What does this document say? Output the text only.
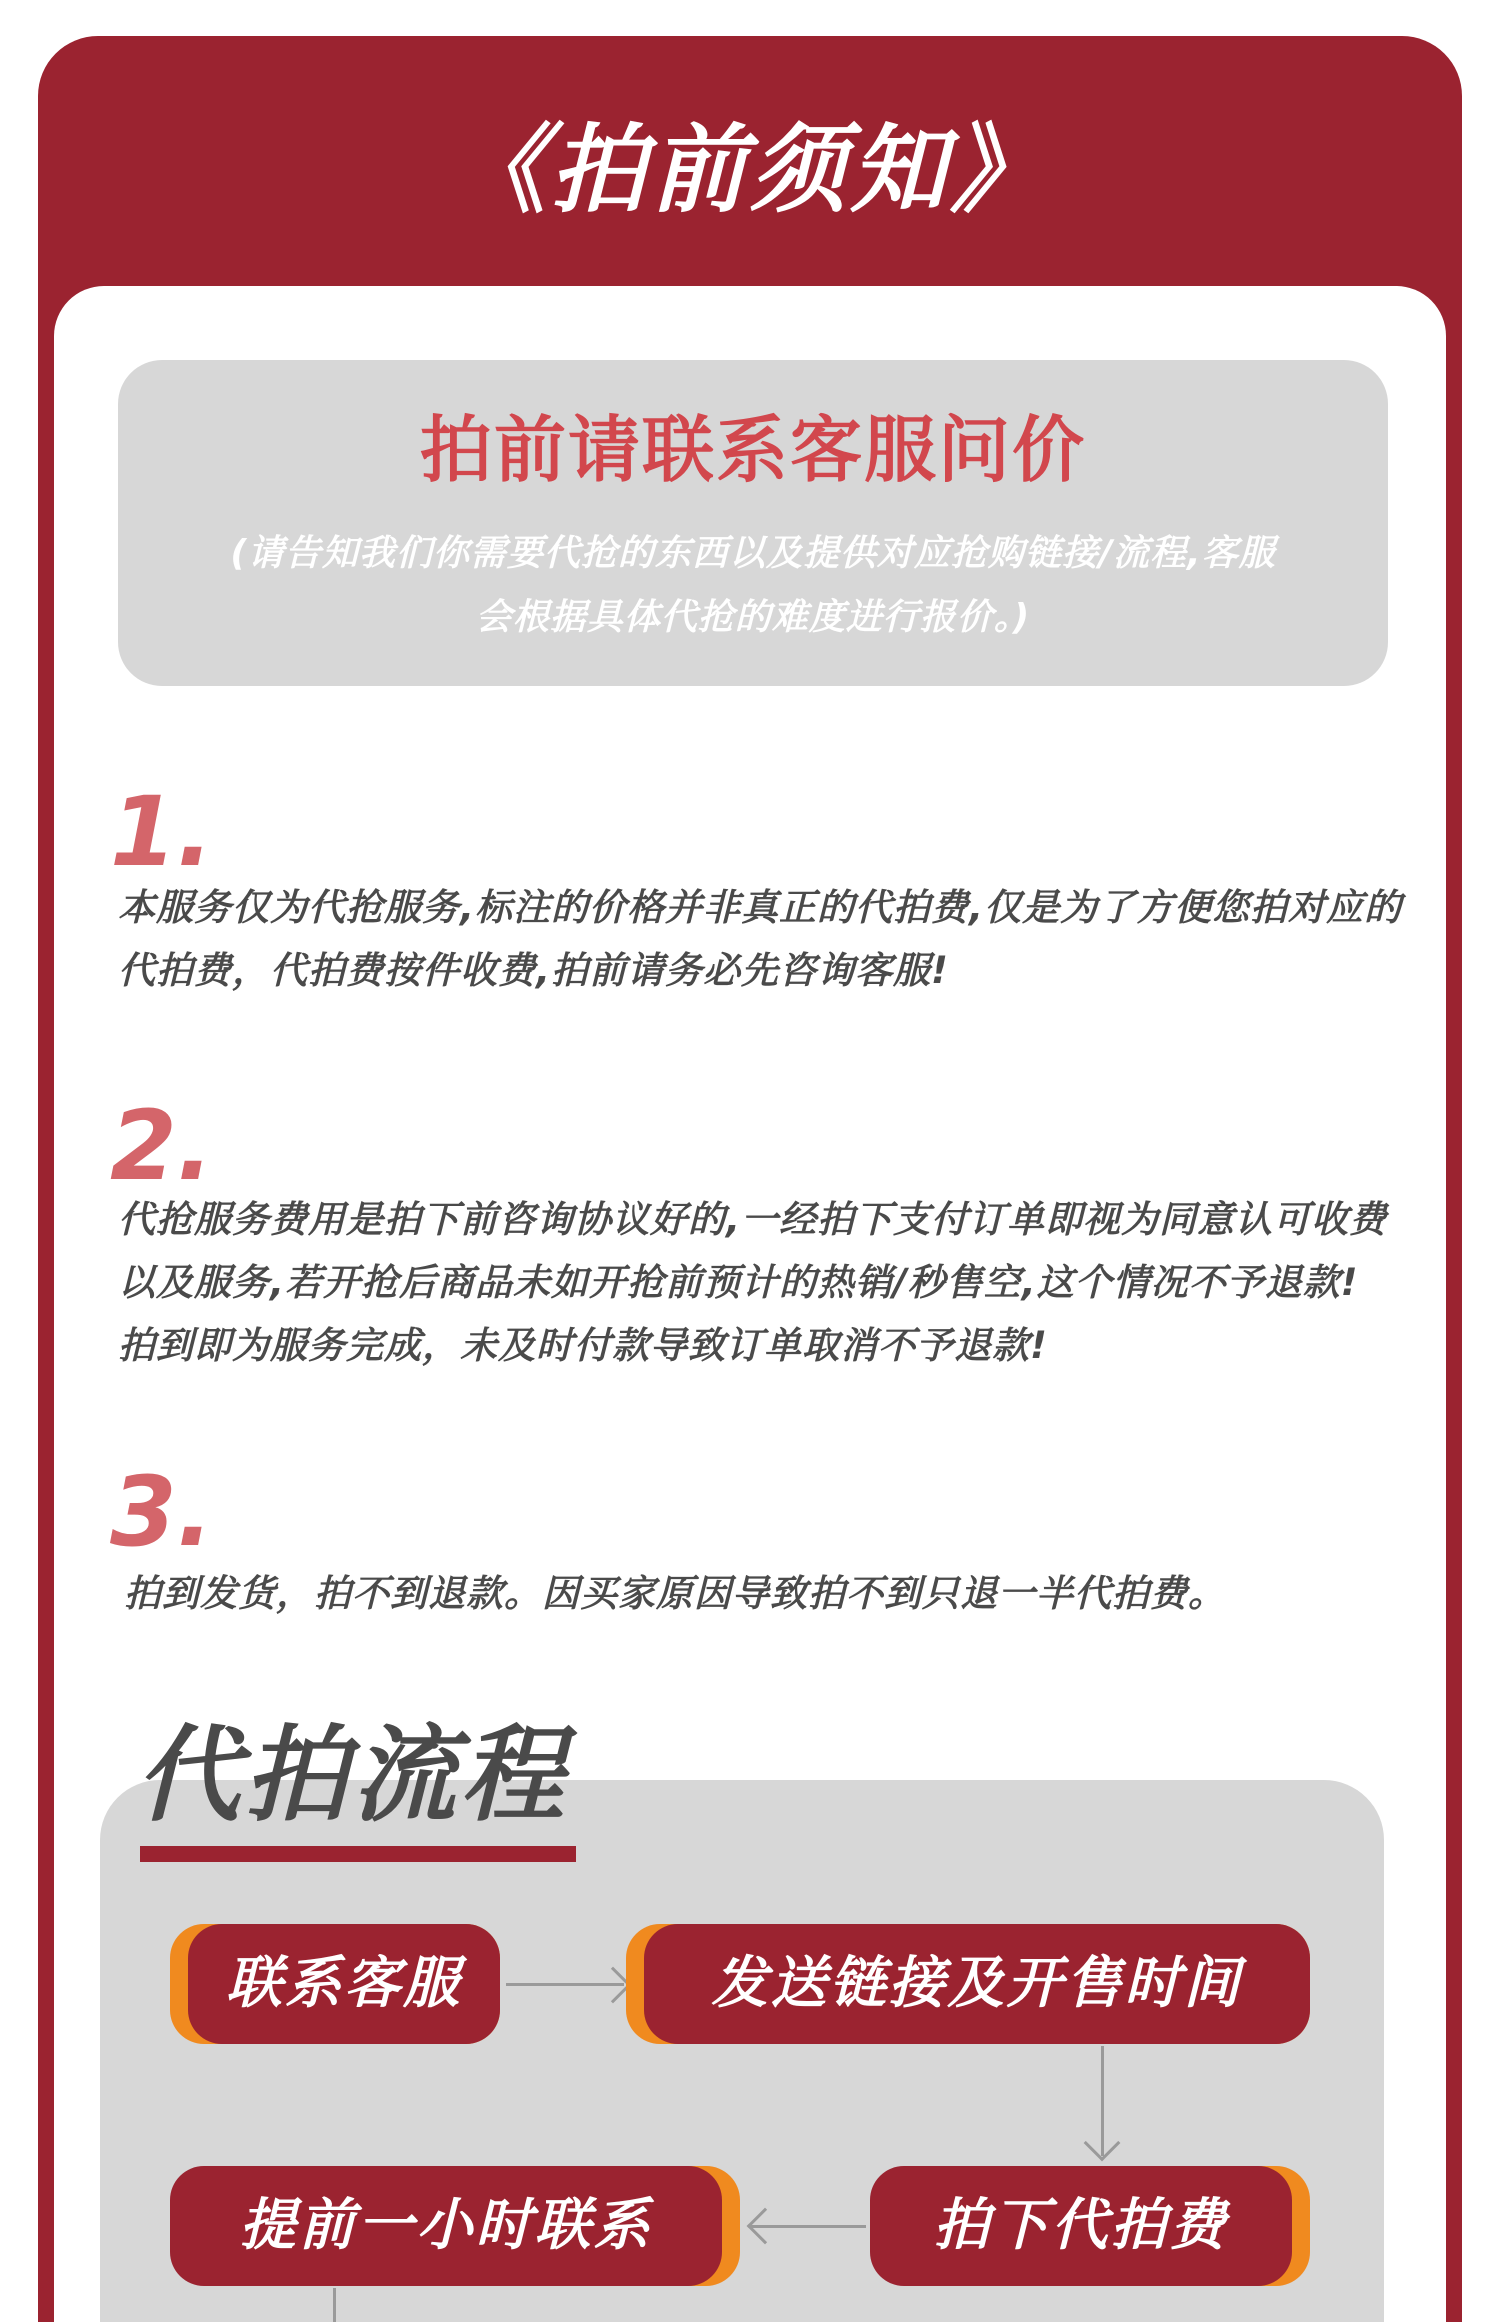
《拍前须知》
拍前请联系客服问价
(请告知我们你需要代抢的东西以及提供对应抢购链接/流程,客服会根据具体代抢的难度进行报价。)
1.
本服务仅为代抢服务,标注的价格并非真正的代拍费,仅是为了方便您拍对应的代拍费，代拍费按件收费,拍前请务必先咨询客服!
2.
代抢服务费用是拍下前咨询协议好的,一经拍下支付订单即视为同意认可收费以及服务,若开抢后商品未如开抢前预计的热销/秒售空,这个情况不予退款!　拍到即为服务完成，未及时付款导致订单取消不予退款!
3.
拍到发货，拍不到退款。因买家原因导致拍不到只退一半代拍费。
代拍流程
联系客服	发送链接及开售时间
拍下代拍费
提前一小时联系
